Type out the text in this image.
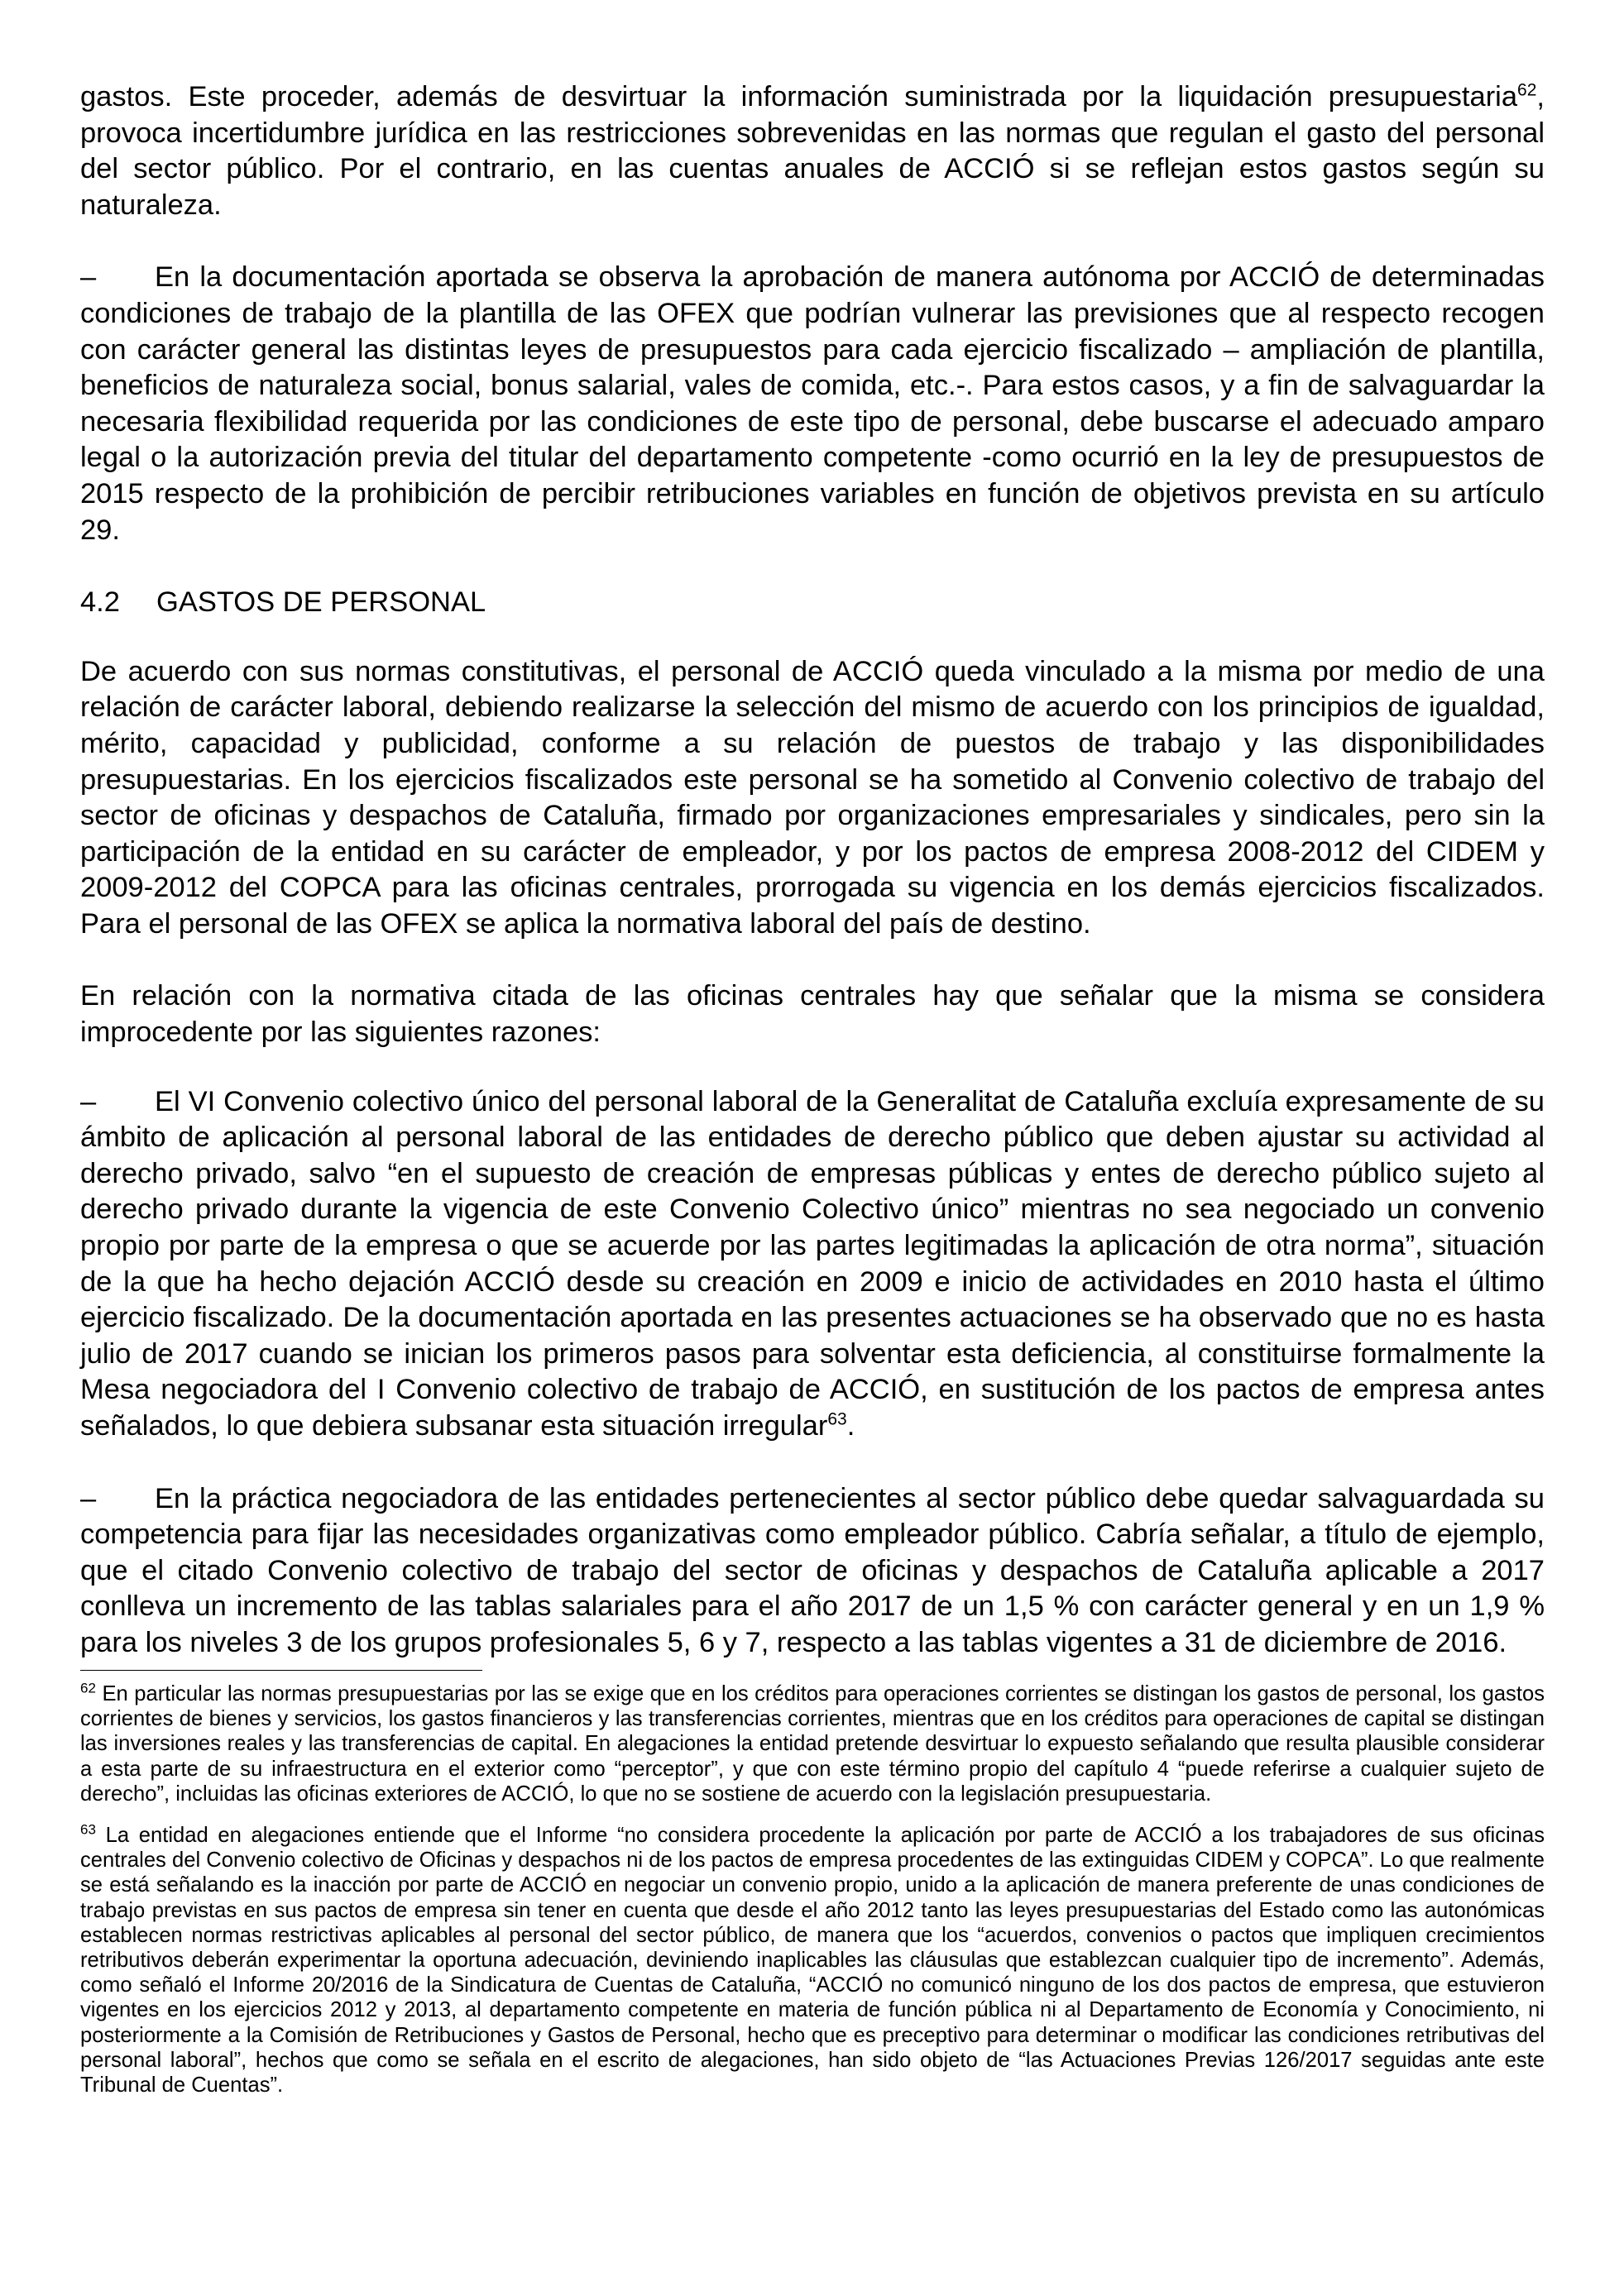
gastos. Este proceder, además de desvirtuar la información suministrada por la liquidación presupuestaria$^{62}$, provoca incertidumbre jurídica en las restricciones sobrevenidas en las normas que regulan el gasto del personal del sector público. Por el contrario, en las cuentas anuales de ACCIÓ si se reflejan estos gastos según su naturaleza.

– En la documentación aportada se observa la aprobación de manera autónoma por ACCIÓ de determinadas condiciones de trabajo de la plantilla de las OFEX que podrían vulnerar las previsiones que al respecto recogen con carácter general las distintas leyes de presupuestos para cada ejercicio fiscalizado – ampliación de plantilla, beneficios de naturaleza social, bonus salarial, vales de comida, etc.-. Para estos casos, y a fin de salvaguardar la necesaria flexibilidad requerida por las condiciones de este tipo de personal, debe buscarse el adecuado amparo legal o la autorización previa del titular del departamento competente -como ocurrió en la ley de presupuestos de 2015 respecto de la prohibición de percibir retribuciones variables en función de objetivos prevista en su artículo 29.

4.2 GASTOS DE PERSONAL

De acuerdo con sus normas constitutivas, el personal de ACCIÓ queda vinculado a la misma por medio de una relación de carácter laboral, debiendo realizarse la selección del mismo de acuerdo con los principios de igualdad, mérito, capacidad y publicidad, conforme a su relación de puestos de trabajo y las disponibilidades presupuestarias. En los ejercicios fiscalizados este personal se ha sometido al Convenio colectivo de trabajo del sector de oficinas y despachos de Cataluña, firmado por organizaciones empresariales y sindicales, pero sin la participación de la entidad en su carácter de empleador, y por los pactos de empresa 2008-2012 del CIDEM y 2009-2012 del COPCA para las oficinas centrales, prorrogada su vigencia en los demás ejercicios fiscalizados. Para el personal de las OFEX se aplica la normativa laboral del país de destino.

En relación con la normativa citada de las oficinas centrales hay que señalar que la misma se considera improcedente por las siguientes razones:

– El VI Convenio colectivo único del personal laboral de la Generalitat de Cataluña excluía expresamente de su ámbito de aplicación al personal laboral de las entidades de derecho público que deben ajustar su actividad al derecho privado, salvo “en el supuesto de creación de empresas públicas y entes de derecho público sujeto al derecho privado durante la vigencia de este Convenio Colectivo único” mientras no sea negociado un convenio propio por parte de la empresa o que se acuerde por las partes legitimadas la aplicación de otra norma”, situación de la que ha hecho dejación ACCIÓ desde su creación en 2009 e inicio de actividades en 2010 hasta el último ejercicio fiscalizado. De la documentación aportada en las presentes actuaciones se ha observado que no es hasta julio de 2017 cuando se inician los primeros pasos para solventar esta deficiencia, al constituirse formalmente la Mesa negociadora del I Convenio colectivo de trabajo de ACCIÓ, en sustitución de los pactos de empresa antes señalados, lo que debiera subsanar esta situación irregular$^{63}$.

– En la práctica negociadora de las entidades pertenecientes al sector público debe quedar salvaguardada su competencia para fijar las necesidades organizativas como empleador público. Cabría señalar, a título de ejemplo, que el citado Convenio colectivo de trabajo del sector de oficinas y despachos de Cataluña aplicable a 2017 conlleva un incremento de las tablas salariales para el año 2017 de un 1,5 % con carácter general y en un 1,9 % para los niveles 3 de los grupos profesionales 5, 6 y 7, respecto a las tablas vigentes a 31 de diciembre de 2016.

$^{62}$ En particular las normas presupuestarias por las se exige que en los créditos para operaciones corrientes se distingan los gastos de personal, los gastos corrientes de bienes y servicios, los gastos financieros y las transferencias corrientes, mientras que en los créditos para operaciones de capital se distingan las inversiones reales y las transferencias de capital. En alegaciones la entidad pretende desvirtuar lo expuesto señalando que resulta plausible considerar a esta parte de su infraestructura en el exterior como “perceptor”, y que con este término propio del capítulo 4 “puede referirse a cualquier sujeto de derecho”, incluidas las oficinas exteriores de ACCIÓ, lo que no se sostiene de acuerdo con la legislación presupuestaria.

$^{63}$ La entidad en alegaciones entiende que el Informe “no considera procedente la aplicación por parte de ACCIÓ a los trabajadores de sus oficinas centrales del Convenio colectivo de Oficinas y despachos ni de los pactos de empresa procedentes de las extinguidas CIDEM y COPCA”. Lo que realmente se está señalando es la inacción por parte de ACCIÓ en negociar un convenio propio, unido a la aplicación de manera preferente de unas condiciones de trabajo previstas en sus pactos de empresa sin tener en cuenta que desde el año 2012 tanto las leyes presupuestarias del Estado como las autonómicas establecen normas restrictivas aplicables al personal del sector público, de manera que los “acuerdos, convenios o pactos que impliquen crecimientos retributivos deberán experimentar la oportuna adecuación, deviniendo inaplicables las cláusulas que establezcan cualquier tipo de incremento”. Además, como señaló el Informe 20/2016 de la Sindicatura de Cuentas de Cataluña, “ACCIÓ no comunicó ninguno de los dos pactos de empresa, que estuvieron vigentes en los ejercicios 2012 y 2013, al departamento competente en materia de función pública ni al Departamento de Economía y Conocimiento, ni posteriormente a la Comisión de Retribuciones y Gastos de Personal, hecho que es preceptivo para determinar o modificar las condiciones retributivas del personal laboral”, hechos que como se señala en el escrito de alegaciones, han sido objeto de “las Actuaciones Previas 126/2017 seguidas ante este Tribunal de Cuentas”.
